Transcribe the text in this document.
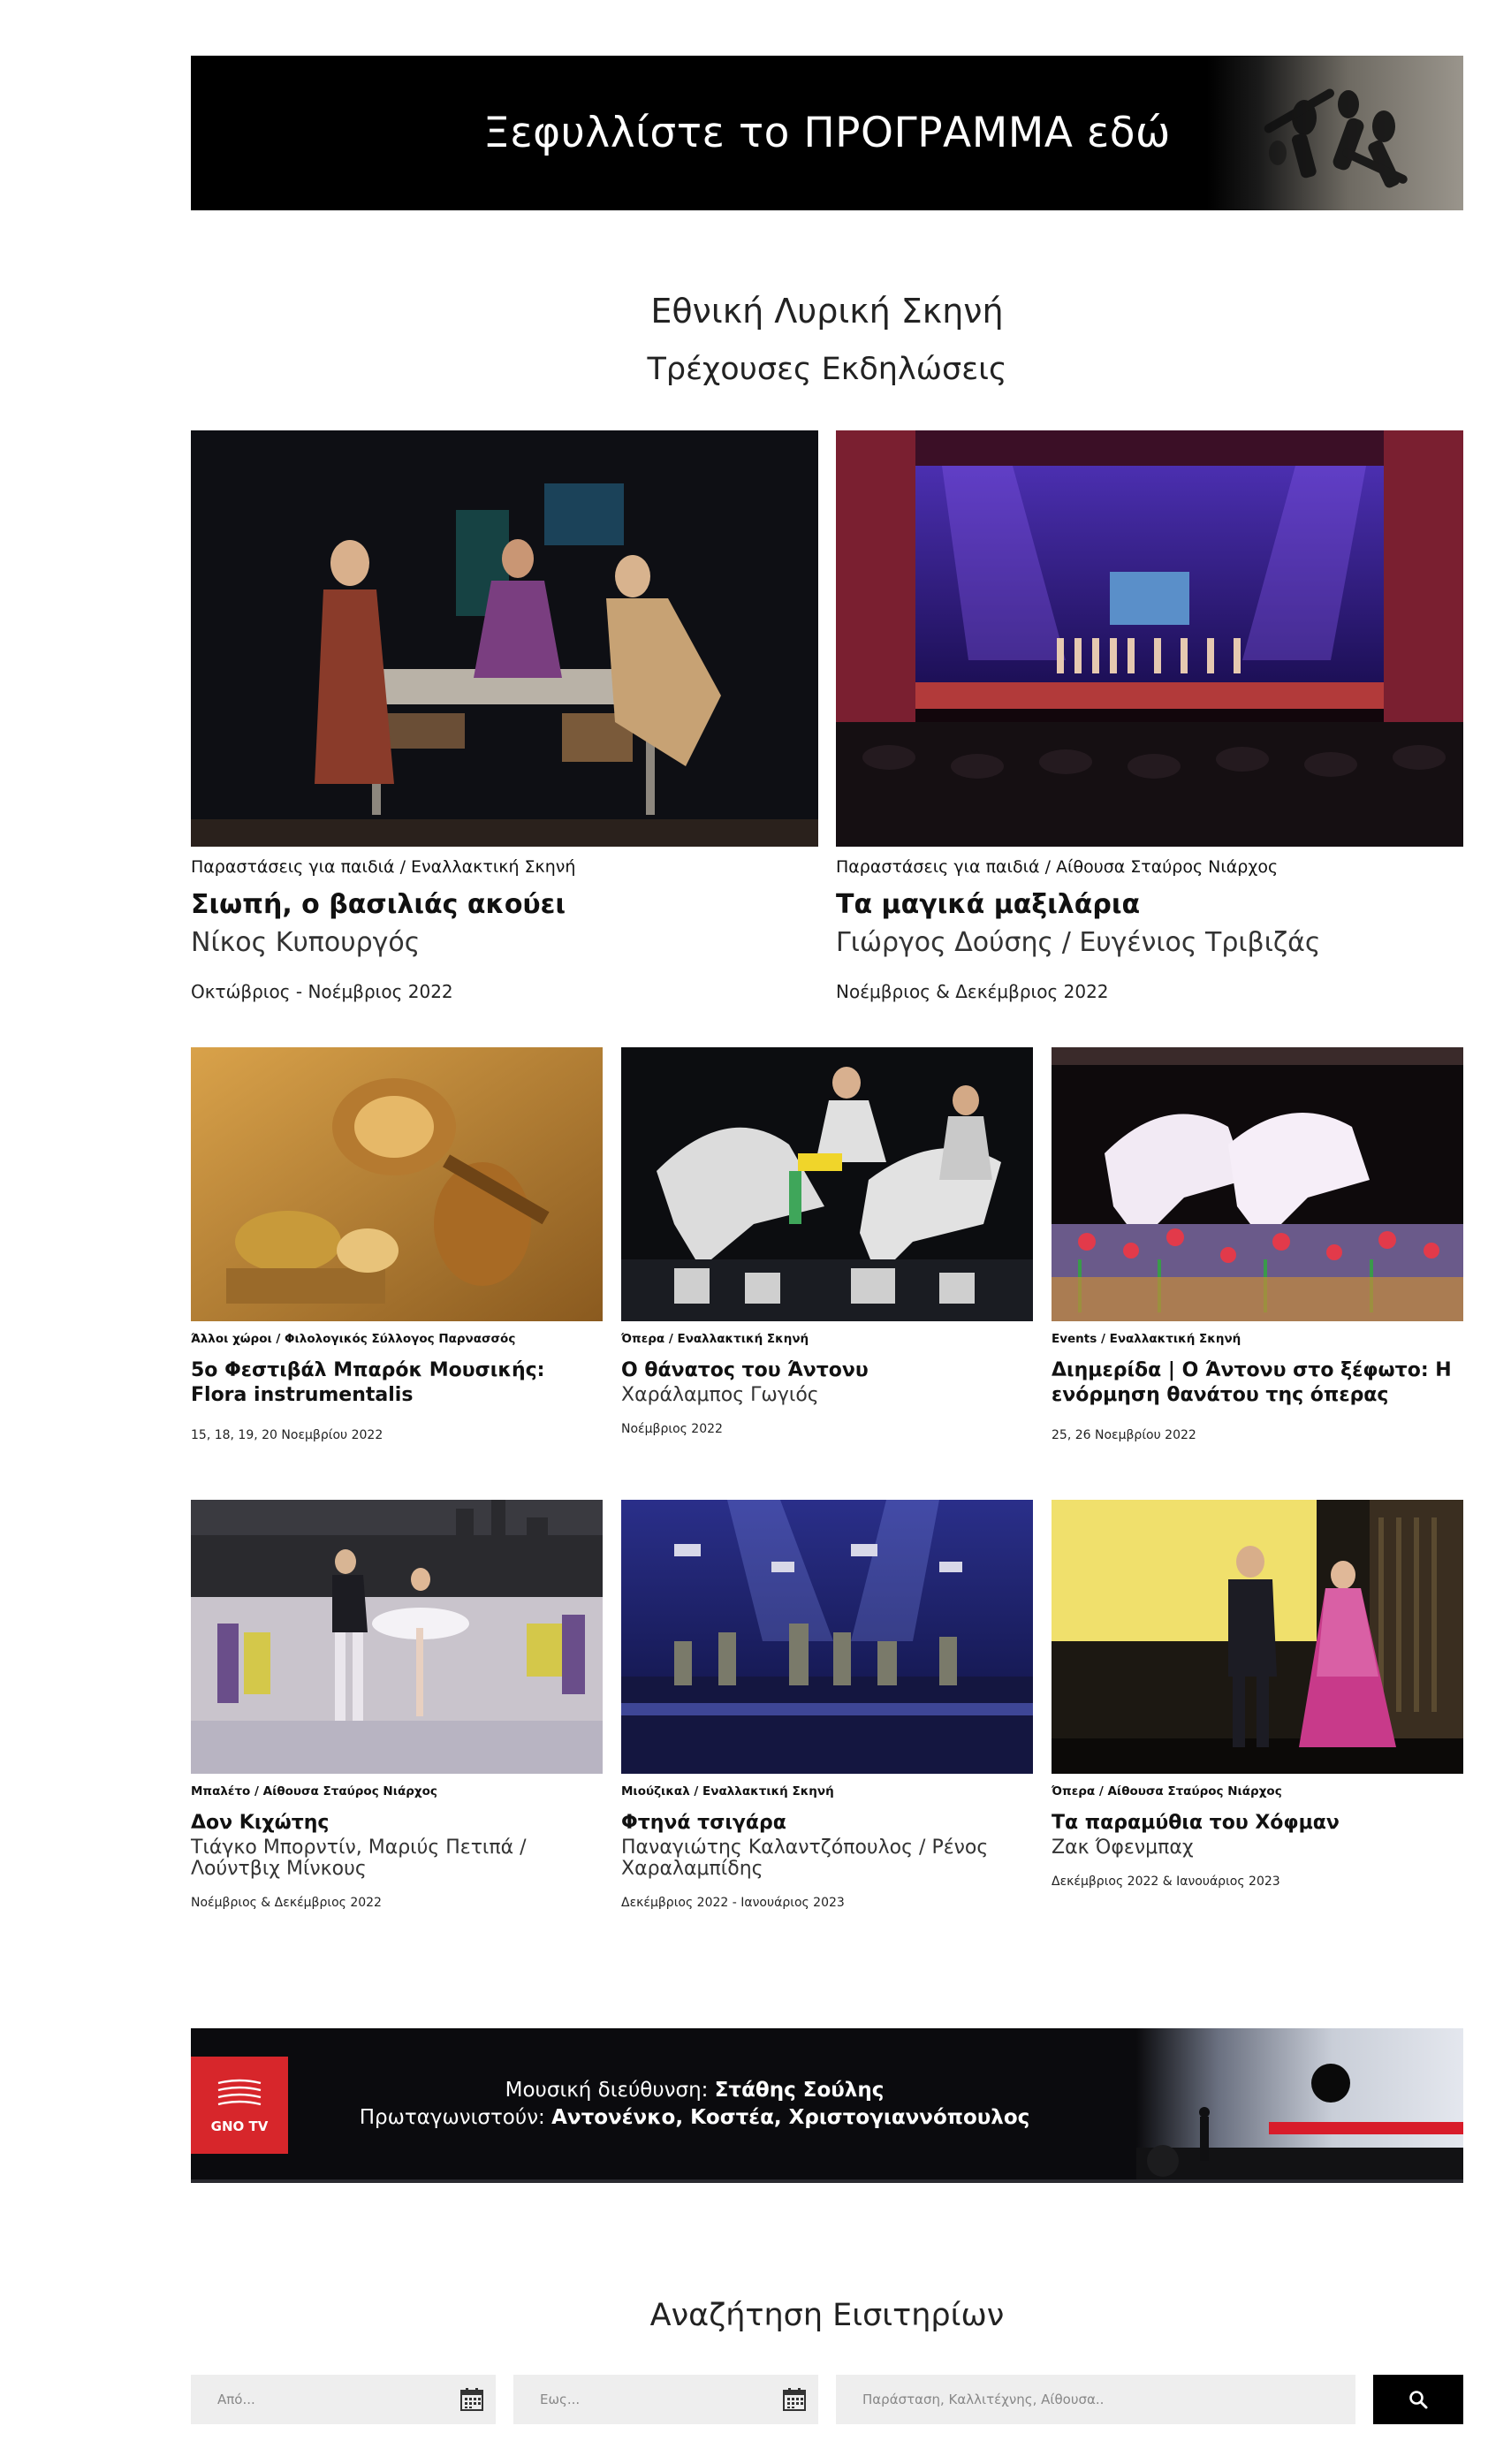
Ξεφυλλίστε το ΠΡΟΓΡΑΜΜΑ εδώ
Εθνική Λυρική Σκηνή
Τρέχουσες Εκδηλώσεις
Παραστάσεις για παιδιά / Εναλλακτική Σκηνή
Σιωπή, ο βασιλιάς ακούει
Νίκος Κυπουργός
Οκτώβριος - Νοέμβριος 2022
Παραστάσεις για παιδιά / Αίθουσα Σταύρος Νιάρχος
Τα μαγικά μαξιλάρια
Γιώργος Δούσης / Ευγένιος Τριβιζάς
Νοέμβριος & Δεκέμβριος 2022
Άλλοι χώροι / Φιλολογικός Σύλλογος Παρνασσός
5ο Φεστιβάλ Μπαρόκ Μουσικής: Flora instrumentalis
15, 18, 19, 20 Νοεμβρίου 2022
Όπερα / Εναλλακτική Σκηνή
Ο θάνατος του Άντονυ
Χαράλαμπος Γωγιός
Νοέμβριος 2022
Events / Εναλλακτική Σκηνή
Διημερίδα | Ο Άντονυ στο ξέφωτο: Η ενόρμηση θανάτου της όπερας
25, 26 Νοεμβρίου 2022
Μπαλέτο / Αίθουσα Σταύρος Νιάρχος
Δον Κιχώτης
Τιάγκο Μπορντίν, Μαριύς Πετιπά / Λούντβιχ Μίνκους
Νοέμβριος & Δεκέμβριος 2022
Μιούζικαλ / Εναλλακτική Σκηνή
Φτηνά τσιγάρα
Παναγιώτης Καλαντζόπουλος / Ρένος Χαραλαμπίδης
Δεκέμβριος 2022 - Ιανουάριος 2023
Όπερα / Αίθουσα Σταύρος Νιάρχος
Τα παραμύθια του Χόφμαν
Ζακ Όφενμπαχ
Δεκέμβριος 2022 & Ιανουάριος 2023
GNO TV
Μουσική διεύθυνση: Στάθης Σούλης
Πρωταγωνιστούν: Αντονένκο, Κοστέα, Χριστογιαννόπουλος
Αναζήτηση Εισιτηρίων
Από...	Εως...	Παράσταση, Καλλιτέχνης, Αίθουσα..
